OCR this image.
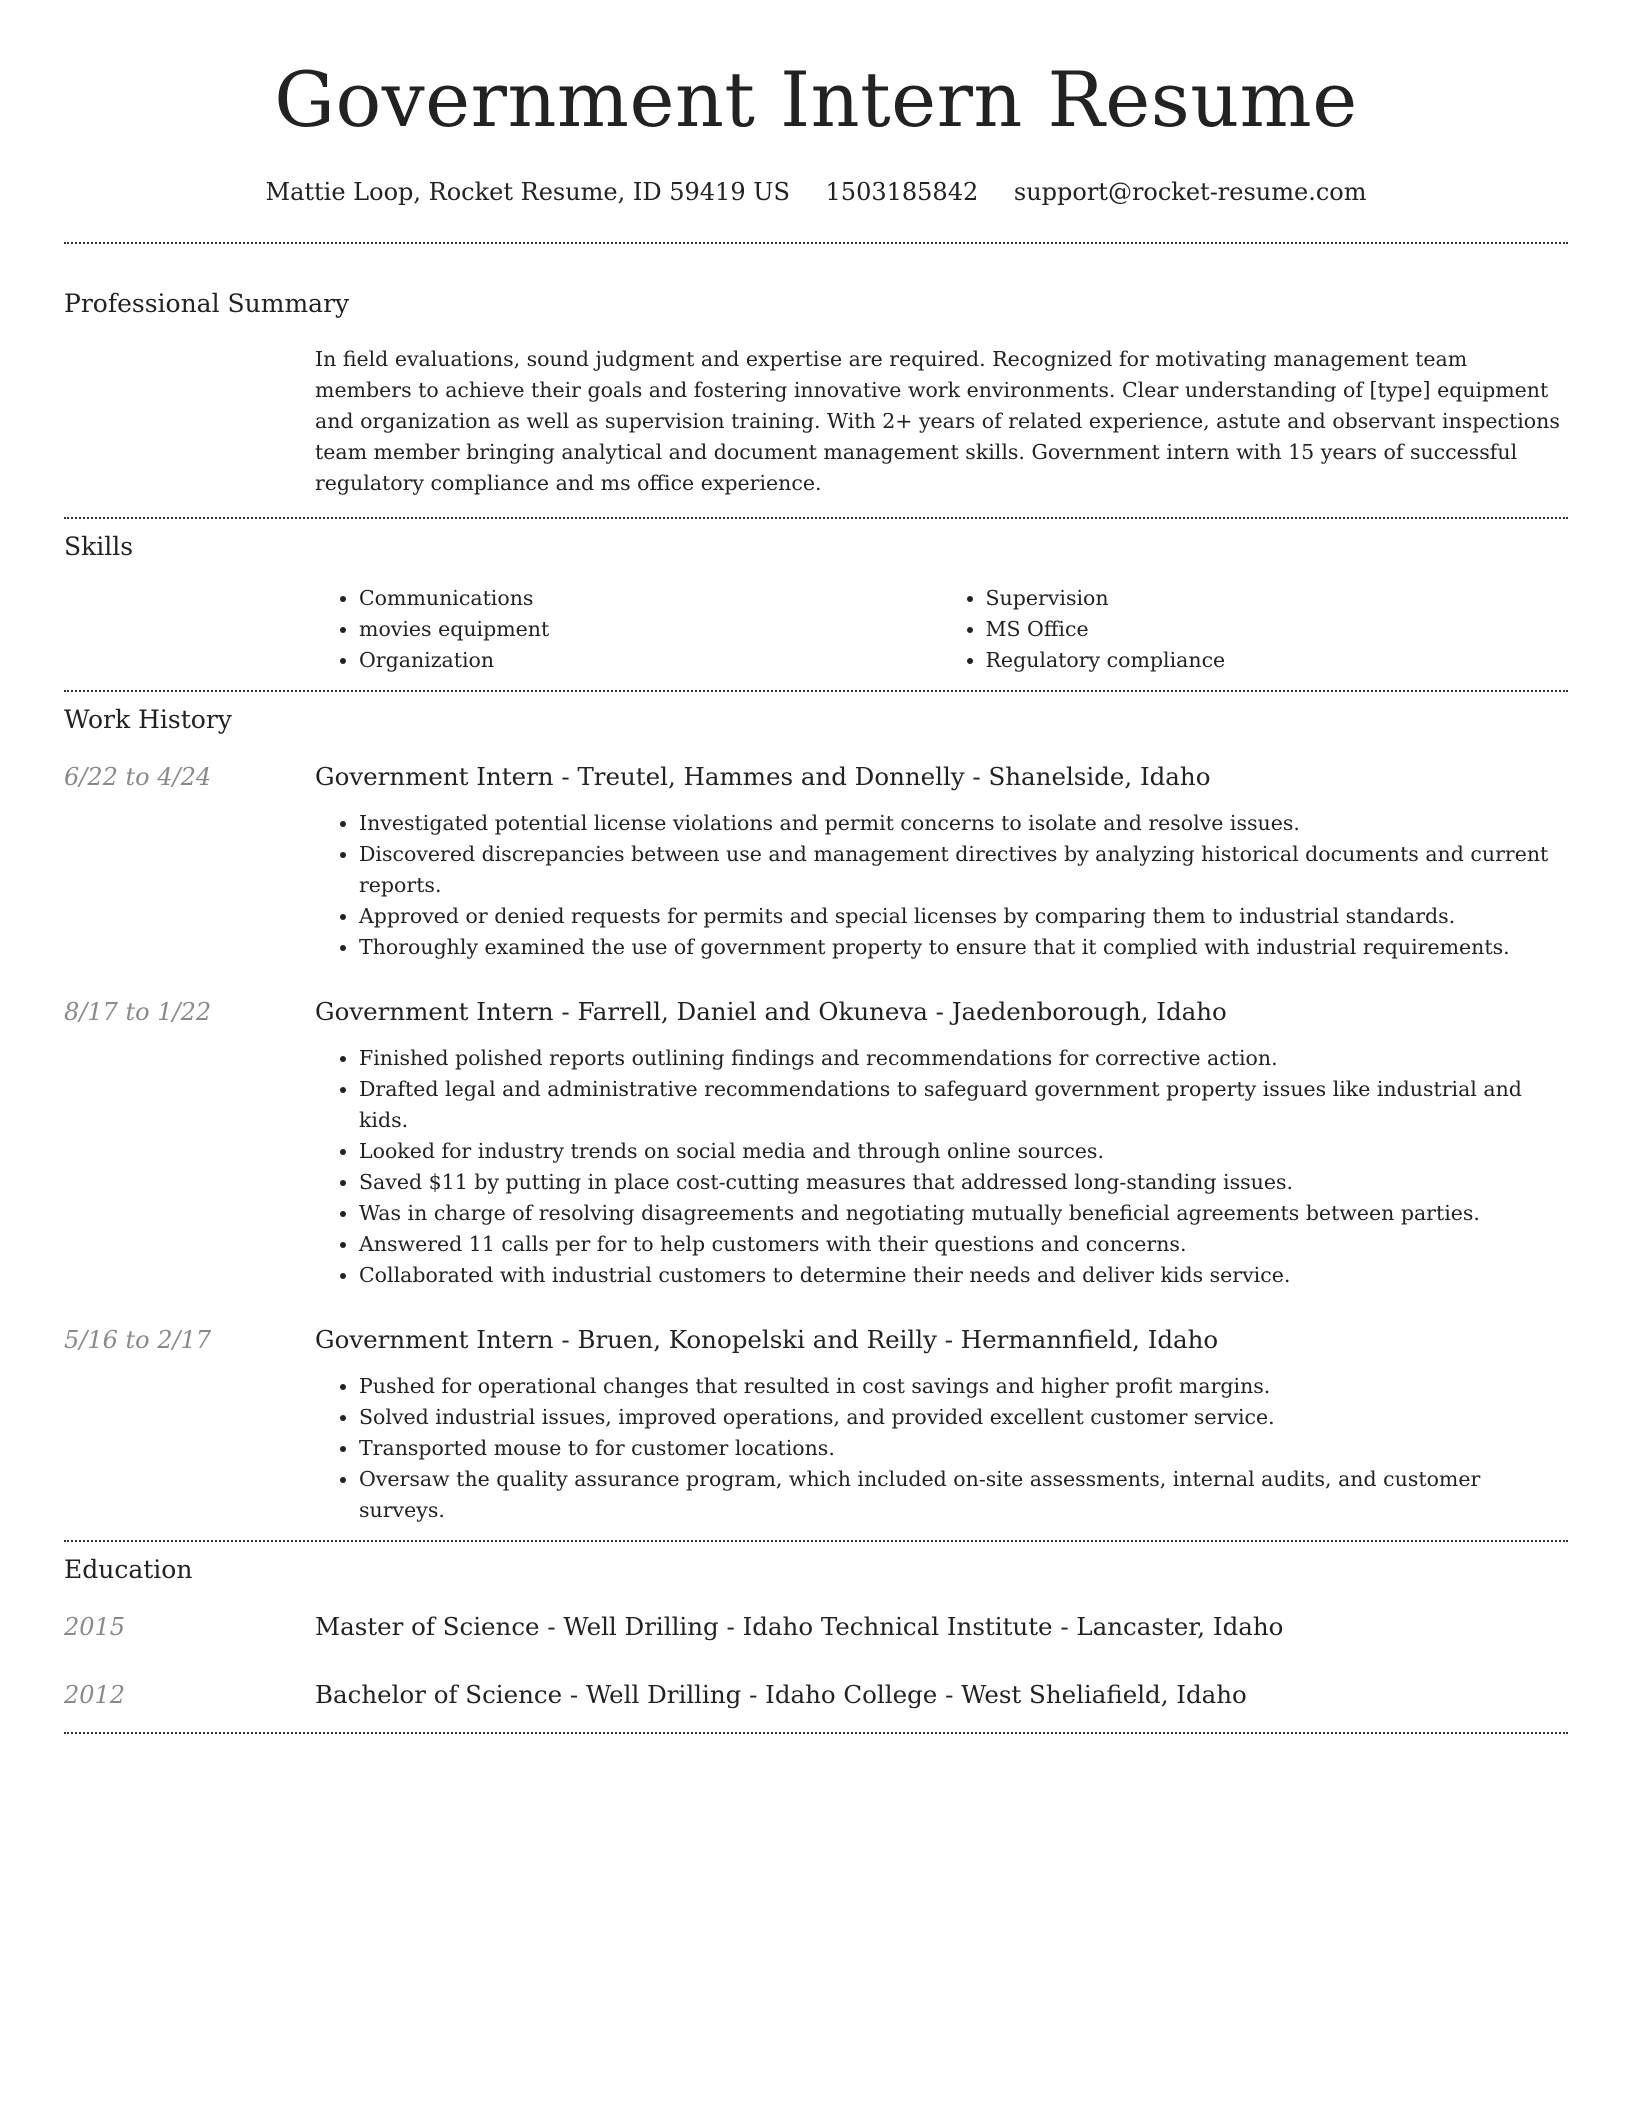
Government Intern Resume
Mattie Loop, Rocket Resume, ID 59419 US 1503185842 support@rocket-resume.com
Professional Summary

In field evaluations, sound judgment and expertise are required. Recognized for motivating management team members to achieve their goals and fostering innovative work environments. Clear understanding of [type] equipment and organization as well as supervision training. With 2+ years of related experience, astute and observant inspections team member bringing analytical and document management skills. Government intern with 15 years of successful regulatory compliance and ms office experience.

Skills
• Communications
• movies equipment
• Organization
• Supervision
• MS Office
• Regulatory compliance
Work History
6/22 to 4/24	Government Intern - Treutel, Hammes and Donnelly - Shanelside, Idaho
• Investigated potential license violations and permit concerns to isolate and resolve issues.
• Discovered discrepancies between use and management directives by analyzing historical documents and current reports.
• Approved or denied requests for permits and special licenses by comparing them to industrial standards.
• Thoroughly examined the use of government property to ensure that it complied with industrial requirements.
8/17 to 1/22	Government Intern - Farrell, Daniel and Okuneva - Jaedenborough, Idaho
• Finished polished reports outlining findings and recommendations for corrective action.
• Drafted legal and administrative recommendations to safeguard government property issues like industrial and kids.
• Looked for industry trends on social media and through online sources.
• Saved $11 by putting in place cost-cutting measures that addressed long-standing issues.
• Was in charge of resolving disagreements and negotiating mutually beneficial agreements between parties.
• Answered 11 calls per for to help customers with their questions and concerns.
• Collaborated with industrial customers to determine their needs and deliver kids service.
5/16 to 2/17	Government Intern - Bruen, Konopelski and Reilly - Hermannfield, Idaho
• Pushed for operational changes that resulted in cost savings and higher profit margins.
• Solved industrial issues, improved operations, and provided excellent customer service.
• Transported mouse to for customer locations.
• Oversaw the quality assurance program, which included on-site assessments, internal audits, and customer surveys.
Education
2015	Master of Science - Well Drilling - Idaho Technical Institute - Lancaster, Idaho
2012	Bachelor of Science - Well Drilling - Idaho College - West Sheliafield, Idaho
